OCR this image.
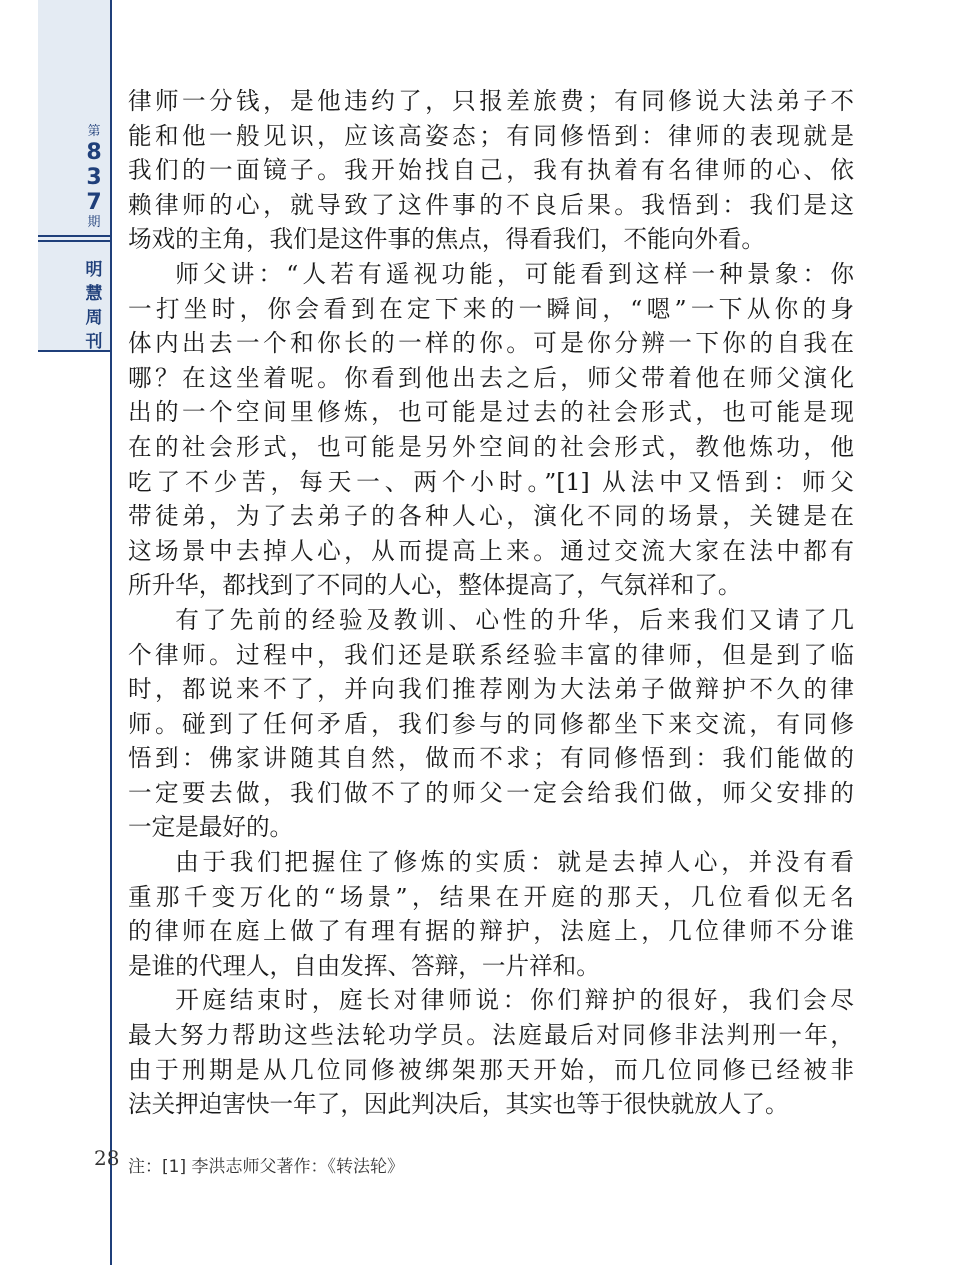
第
8
3
7
期
明
慧
周
刊

律师一分钱，是他违约了，只报差旅费；有同修说大法弟子不

能和他一般见识，应该高姿态；有同修悟到：律师的表现就是

我们的一面镜子。我开始找自己，我有执着有名律师的心、依

赖律师的心，就导致了这件事的不良后果。我悟到：我们是这

场戏的主角，我们是这件事的焦点，得看我们，不能向外看。

师父讲：“人若有遥视功能，可能看到这样一种景象：你

一打坐时，你会看到在定下来的一瞬间，“嗯”一下从你的身

体内出去一个和你长的一样的你。可是你分辨一下你的自我在

哪？在这坐着呢。你看到他出去之后，师父带着他在师父演化

出的一个空间里修炼，也可能是过去的社会形式，也可能是现

在的社会形式，也可能是另外空间的社会形式，教他炼功，他

吃了不少苦，每天一、两个小时。”[1] 从法中又悟到：师父

带徒弟，为了去弟子的各种人心，演化不同的场景，关键是在

这场景中去掉人心，从而提高上来。通过交流大家在法中都有

所升华，都找到了不同的人心，整体提高了，气氛祥和了。

有了先前的经验及教训、心性的升华，后来我们又请了几

个律师。过程中，我们还是联系经验丰富的律师，但是到了临

时，都说来不了，并向我们推荐刚为大法弟子做辩护不久的律

师。碰到了任何矛盾，我们参与的同修都坐下来交流，有同修

悟到：佛家讲随其自然，做而不求；有同修悟到：我们能做的

一定要去做，我们做不了的师父一定会给我们做，师父安排的

一定是最好的。

由于我们把握住了修炼的实质：就是去掉人心，并没有看

重那千变万化的“场景”，结果在开庭的那天，几位看似无名

的律师在庭上做了有理有据的辩护，法庭上，几位律师不分谁

是谁的代理人，自由发挥、答辩，一片祥和。

开庭结束时，庭长对律师说：你们辩护的很好，我们会尽

最大努力帮助这些法轮功学员。法庭最后对同修非法判刑一年，

由于刑期是从几位同修被绑架那天开始，而几位同修已经被非

法关押迫害快一年了，因此判决后，其实也等于很快就放人了。

28 注：[1] 李洪志师父著作：《转法轮》
